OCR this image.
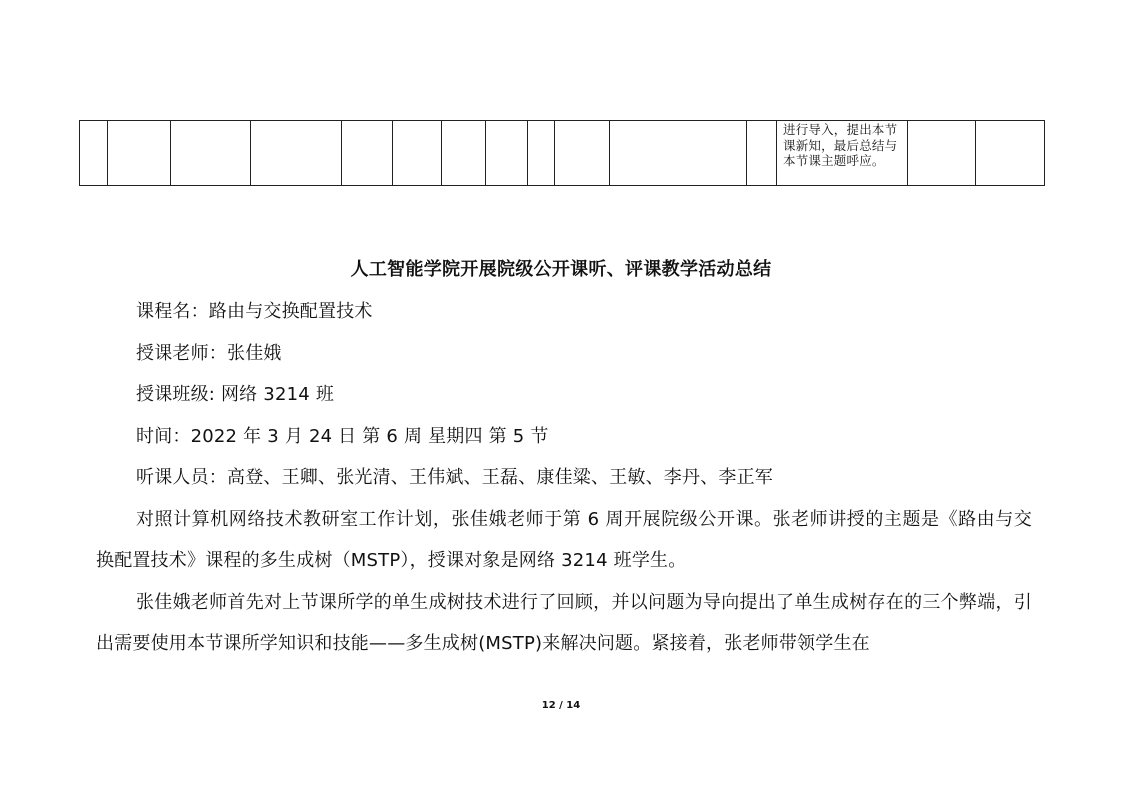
												进行导入，提出本节课新知，最后总结与本节课主题呼应。		
人工智能学院开展院级公开课听、评课教学活动总结
课程名：路由与交换配置技术
授课老师：张佳娥
授课班级: 网络 3214 班
时间：2022 年 3 月 24 日 第 6 周 星期四 第 5 节
听课人员：高登、王卿、张光清、王伟斌、王磊、康佳粱、王敏、李丹、李正军
对照计算机网络技术教研室工作计划，张佳娥老师于第 6 周开展院级公开课。张老师讲授的主题是《路由与交换配置技术》课程的多生成树（MSTP），授课对象是网络 3214 班学生。
张佳娥老师首先对上节课所学的单生成树技术进行了回顾，并以问题为导向提出了单生成树存在的三个弊端，引出需要使用本节课所学知识和技能——多生成树(MSTP)来解决问题。紧接着，张老师带领学生在
12 / 14
